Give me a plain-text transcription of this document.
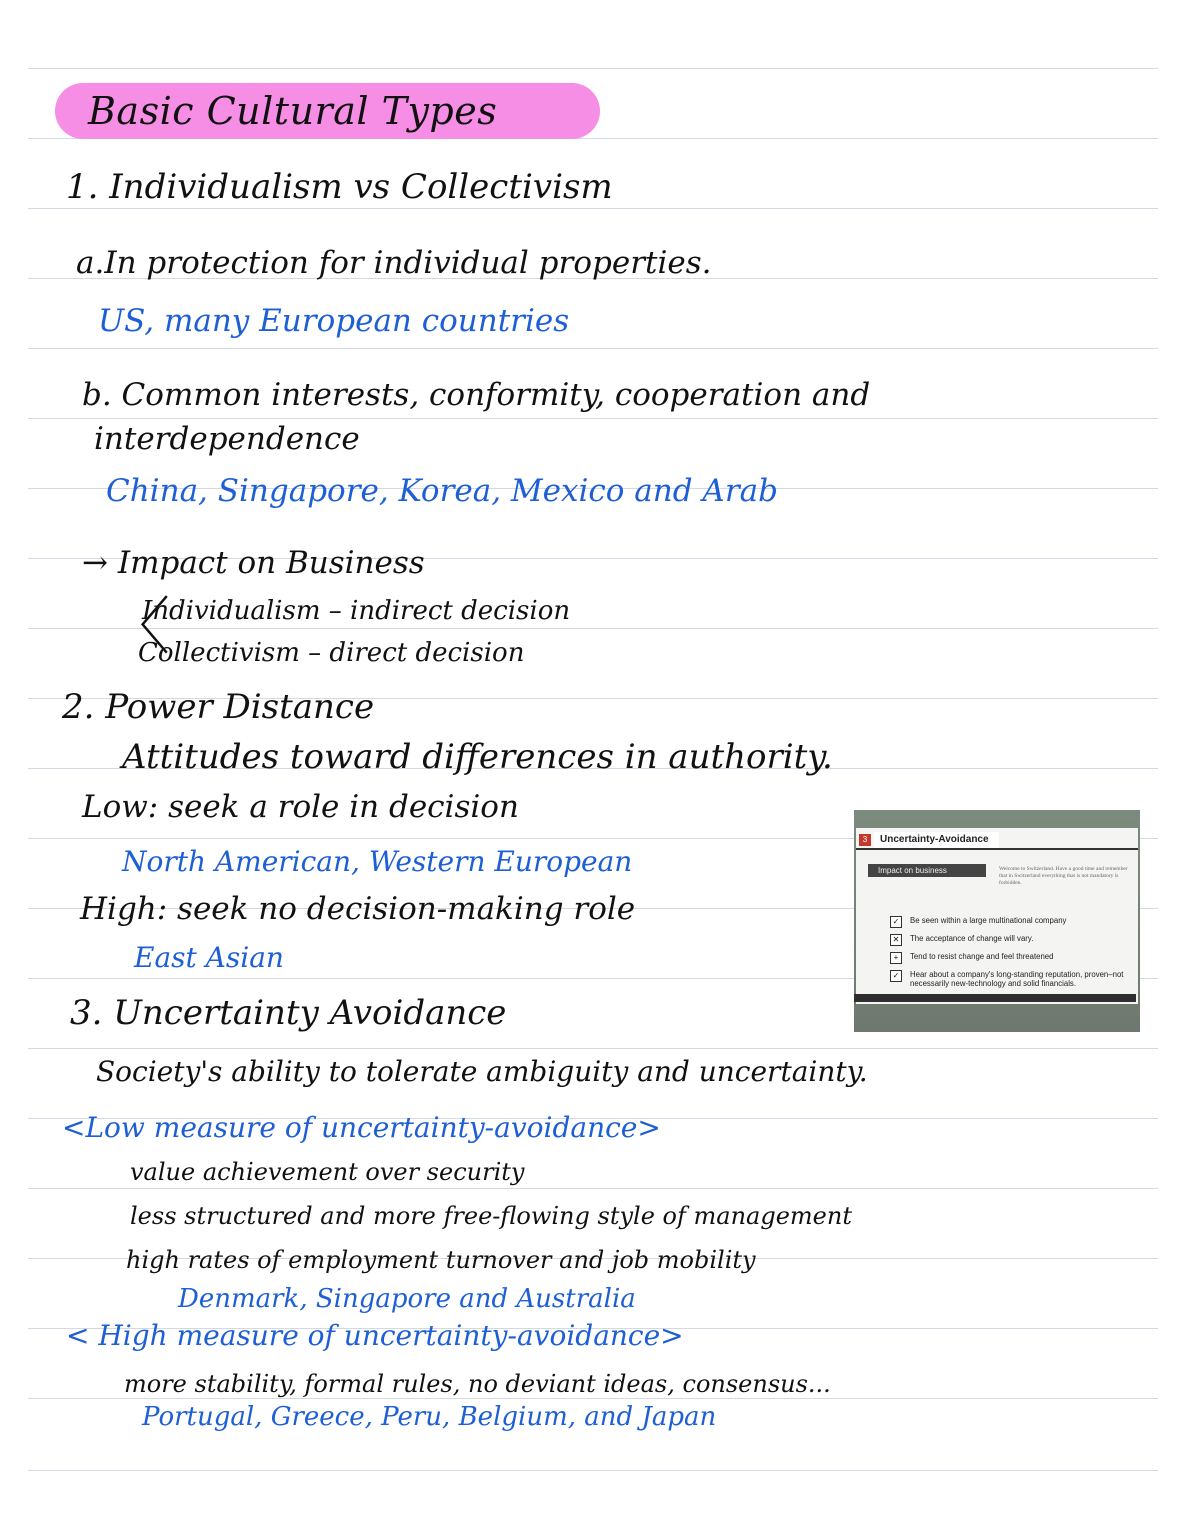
Basic Cultural Types
1. Individualism vs Collectivism
a.In protection for individual properties.
US, many European countries
b. Common interests, conformity, cooperation and
interdependence
China, Singapore, Korea, Mexico and Arab
→ Impact on Business
〈
Individualism – indirect decision
Collectivism – direct decision
2. Power Distance
Attitudes toward differences in authority.
Low: seek a role in decision
North American, Western European
High: seek no decision-making role
East Asian
3. Uncertainty Avoidance
Society's ability to tolerate ambiguity and uncertainty.
<Low measure of uncertainty-avoidance>
value achievement over security
less structured and more free-flowing style of management
high rates of employment turnover and job mobility
Denmark, Singapore and Australia
< High measure of uncertainty-avoidance>
more stability, formal rules, no deviant ideas, consensus...
Portugal, Greece, Peru, Belgium, and Japan
3	Uncertainty-Avoidance
Impact on business	Welcome to Switzerland. Have a good time and remember that in Switzerland everything that is not mandatory is forbidden.
✓	Be seen within a large multinational company
✕	The acceptance of change will vary.
+	Tend to resist change and feel threatened
✓	Hear about a company's long-standing reputation, proven–not necessarily new-technology and solid financials.
